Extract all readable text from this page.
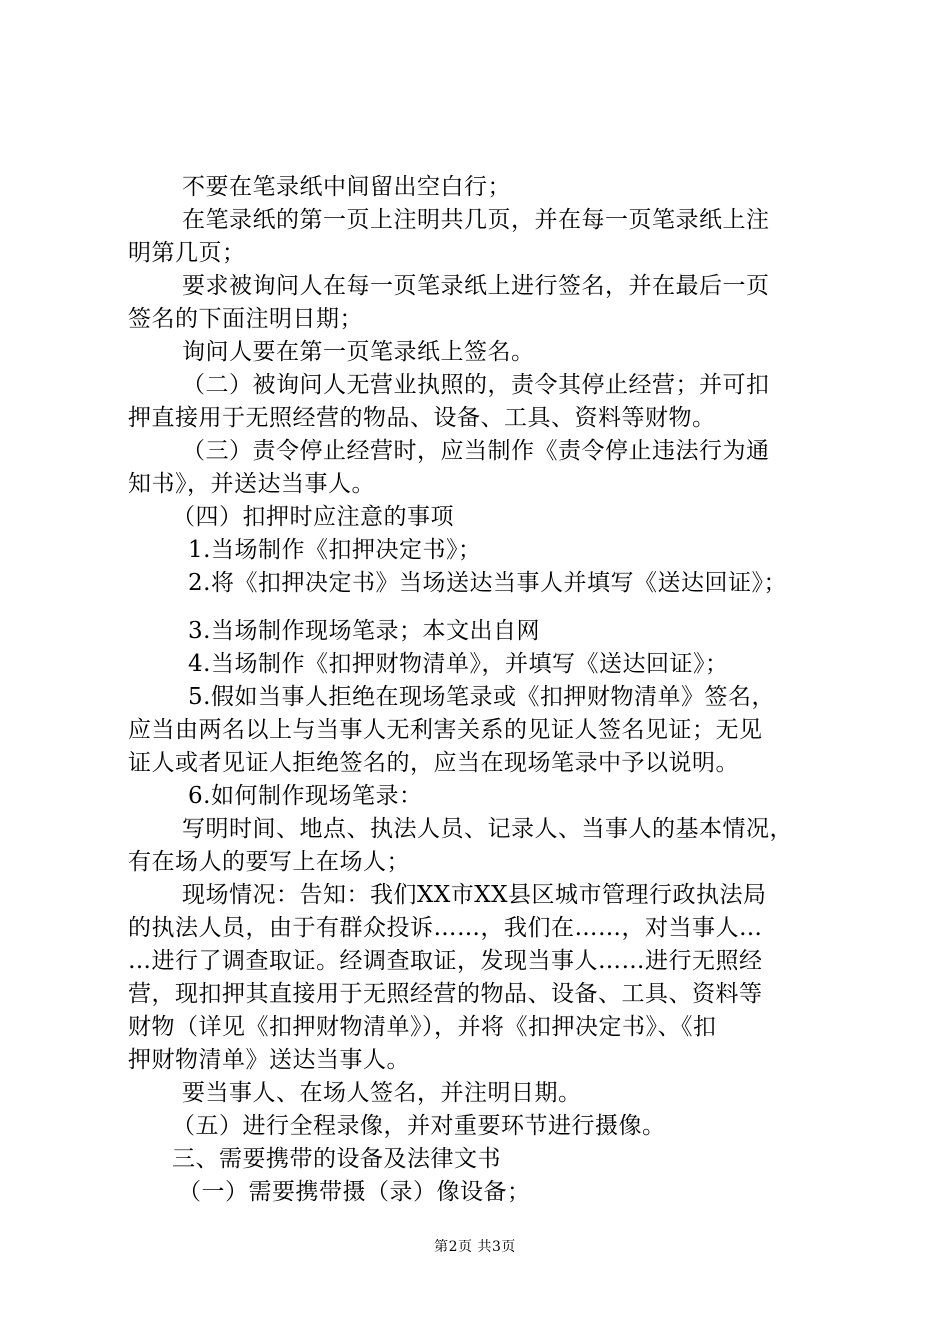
不要在笔录纸中间留出空白行；
在笔录纸的第一页上注明共几页，并在每一页笔录纸上注
明第几页；
要求被询问人在每一页笔录纸上进行签名，并在最后一页
签名的下面注明日期；
询问人要在第一页笔录纸上签名。
（二）被询问人无营业执照的，责令其停止经营；并可扣
押直接用于无照经营的物品、设备、工具、资料等财物。
（三）责令停止经营时，应当制作《责令停止违法行为通
知书》，并送达当事人。
（四）扣押时应注意的事项
1.当场制作《扣押决定书》；
2.将《扣押决定书》当场送达当事人并填写《送达回证》；
3.当场制作现场笔录；本文出自网
4.当场制作《扣押财物清单》，并填写《送达回证》；
5.假如当事人拒绝在现场笔录或《扣押财物清单》签名，
应当由两名以上与当事人无利害关系的见证人签名见证；无见
证人或者见证人拒绝签名的，应当在现场笔录中予以说明。
6.如何制作现场笔录：
写明时间、地点、执法人员、记录人、当事人的基本情况，
有在场人的要写上在场人；
现场情况：告知：我们XX市XX县区城市管理行政执法局
的执法人员，由于有群众投诉……，我们在……，对当事人…
…进行了调查取证。经调查取证，发现当事人……进行无照经
营，现扣押其直接用于无照经营的物品、设备、工具、资料等
财物（详见《扣押财物清单》），并将《扣押决定书》、《扣
押财物清单》送达当事人。
要当事人、在场人签名，并注明日期。
（五）进行全程录像，并对重要环节进行摄像。
三、需要携带的设备及法律文书
（一）需要携带摄（录）像设备；
第2页 共3页
